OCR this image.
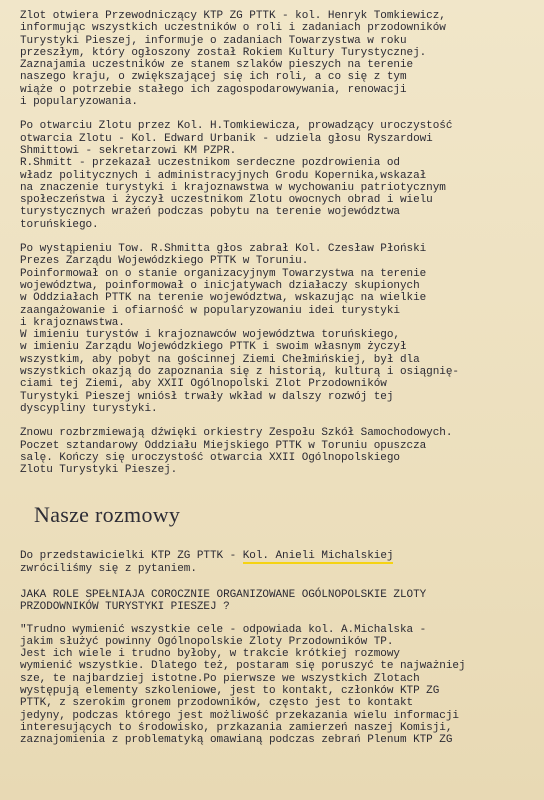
Zlot otwiera Przewodniczący KTP ZG PTTK - kol. Henryk Tomkiewicz,
informując wszystkich uczestników o roli i zadaniach przodowników
Turystyki Pieszej, informuje o zadaniach Towarzystwa w roku
przeszłym, który ogłoszony został Rokiem Kultury Turystycznej.
Zaznajamia uczestników ze stanem szlaków pieszych na terenie
naszego kraju, o zwiększającej się ich roli, a co się z tym
wiąże o potrzebie stałego ich zagospodarowywania, renowacji
i popularyzowania.
Po otwarciu Zlotu przez Kol. H.Tomkiewicza, prowadzący uroczystość
otwarcia Zlotu - Kol. Edward Urbanik - udziela głosu Ryszardowi
Shmittowi - sekretarzowi KM PZPR.
R.Shmitt - przekazał uczestnikom serdeczne pozdrowienia od
władz politycznych i administracyjnych Grodu Kopernika,wskazał
na znaczenie turystyki i krajoznawstwa w wychowaniu patriotycznym
społeczeństwa i życzył uczestnikom Zlotu owocnych obrad i wielu
turystycznych wrażeń podczas pobytu na terenie województwa
toruńskiego.
Po wystąpieniu Tow. R.Shmitta głos zabrał Kol. Czesław Płoński
Prezes Zarządu Wojewódzkiego PTTK w Toruniu.
Poinformował on o stanie organizacyjnym Towarzystwa na terenie
województwa, poinformował o inicjatywach działaczy skupionych
w Oddziałach PTTK na terenie województwa, wskazując na wielkie
zaangażowanie i ofiarność w popularyzowaniu idei turystyki
i krajoznawstwa.
W imieniu turystów i krajoznawców województwa toruńskiego,
w imieniu Zarządu Wojewódzkiego PTTK i swoim własnym życzył
wszystkim, aby pobyt na gościnnej Ziemi Chełmińskiej, był dla
wszystkich okazją do zapoznania się z historią, kulturą i osiągnię-
ciami tej Ziemi, aby XXII Ogólnopolski Zlot Przodowników
Turystyki Pieszej wniósł trwały wkład w dalszy rozwój tej
dyscypliny turystyki.
Znowu rozbrzmiewają dźwięki orkiestry Zespołu Szkół Samochodowych.
Poczet sztandarowy Oddziału Miejskiego PTTK w Toruniu opuszcza
salę. Kończy się uroczystość otwarcia XXII Ogólnopolskiego
Zlotu Turystyki Pieszej.
Nasze rozmowy
Do przedstawicielki KTP ZG PTTK - Kol. Anieli Michalskiej
zwróciliśmy się z pytaniem.
JAKA ROLE SPEŁNIAJA CORОCZNIE ORGANIZOWANE OGÓLNOPOLSKIE ZLOTY
PRZODOWNIKÓW TURYSTYKI PIESZEJ ?
"Trudno wymienić wszystkie cele - odpowiada kol. A.Michalska -
jakim służyć powinny Ogólnopolskie Zloty Przodowników TP.
Jest ich wiele i trudno byłoby, w trakcie krótkiej rozmowy
wymienić wszystkie. Dlatego też, postaram się poruszyć te najważniej
sze, te najbardziej istotne.Po pierwsze we wszystkich Zlotach
występują elementy szkoleniowe, jest to kontakt, członków KTP ZG
PTTK, z szerokim gronem przodowników, często jest to kontakt
jedyny, podczas którego jest możliwość przekazania wielu informacji
interesujących to środowisko, przkazania zamierzeń naszej Komisji,
zaznajomienia z problematyką omawianą podczas zebrań Plenum KTP ZG
